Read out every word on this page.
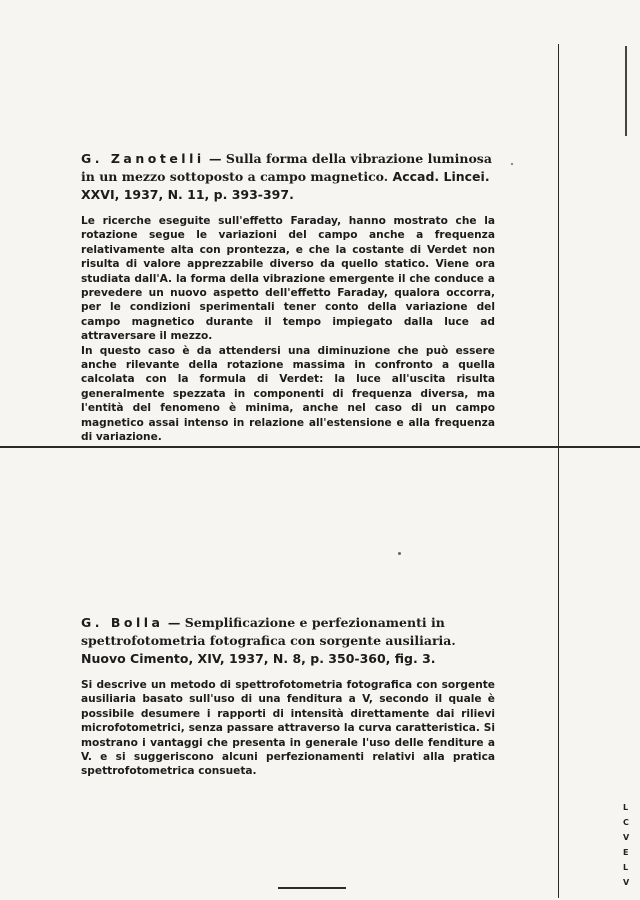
G. Zanotelli — Sulla forma della vibrazione luminosa in un mezzo sottoposto a campo magnetico. Accad. Lincei. XXVI, 1937, N. 11, p. 393-397.

Le ricerche eseguite sull'effetto Faraday, hanno mostrato che la rotazione segue le variazioni del campo anche a frequenza relativamente alta con prontezza, e che la costante di Verdet non risulta di valore apprezzabile diverso da quello statico. Viene ora studiata dall'A. la forma della vibrazione emergente il che conduce a prevedere un nuovo aspetto dell'effetto Faraday, qualora occorra, per le condizioni sperimentali tener conto della variazione del campo magnetico durante il tempo impiegato dalla luce ad attraversare il mezzo.

In questo caso è da attendersi una diminuzione che può essere anche rilevante della rotazione massima in confronto a quella calcolata con la formula di Verdet: la luce all'uscita risulta generalmente spezzata in componenti di frequenza diversa, ma l'entità del fenomeno è minima, anche nel caso di un campo magnetico assai intenso in relazione all'estensione e alla frequenza di variazione.

G. Bolla — Semplificazione e perfezionamenti in spettrofotometria fotografica con sorgente ausiliaria. Nuovo Cimento, XIV, 1937, N. 8, p. 350-360, fig. 3.

Si descrive un metodo di spettrofotometria fotografica con sorgente ausiliaria basato sull'uso di una fenditura a V, secondo il quale è possibile desumere i rapporti di intensità direttamente dai rilievi microfotometrici, senza passare attraverso la curva caratteristica. Si mostrano i vantaggi che presenta in generale l'uso delle fenditure a V. e si suggeriscono alcuni perfezionamenti relativi alla pratica spettrofotometrica consueta.

L
C
V
E
L
V
